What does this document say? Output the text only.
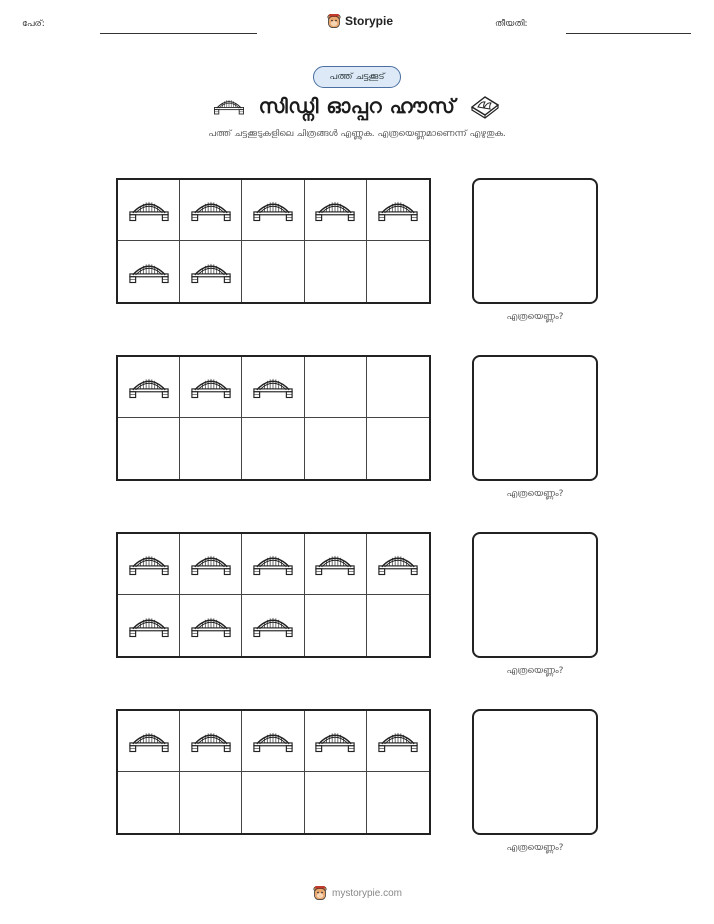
പേര്:	Storypie	തീയതി:
പത്ത് ചട്ടക്കൂട്
സിഡ്നി ഓപ്പറ ഹൗസ്
പത്ത് ചട്ടക്കൂടുകളിലെ ചിത്രങ്ങൾ എണ്ണുക. എത്രയെണ്ണമാണെന്ന് എഴുതുക.
എത്രയെണ്ണം?
എത്രയെണ്ണം?
എത്രയെണ്ണം?
എത്രയെണ്ണം?
mystorypie.com
